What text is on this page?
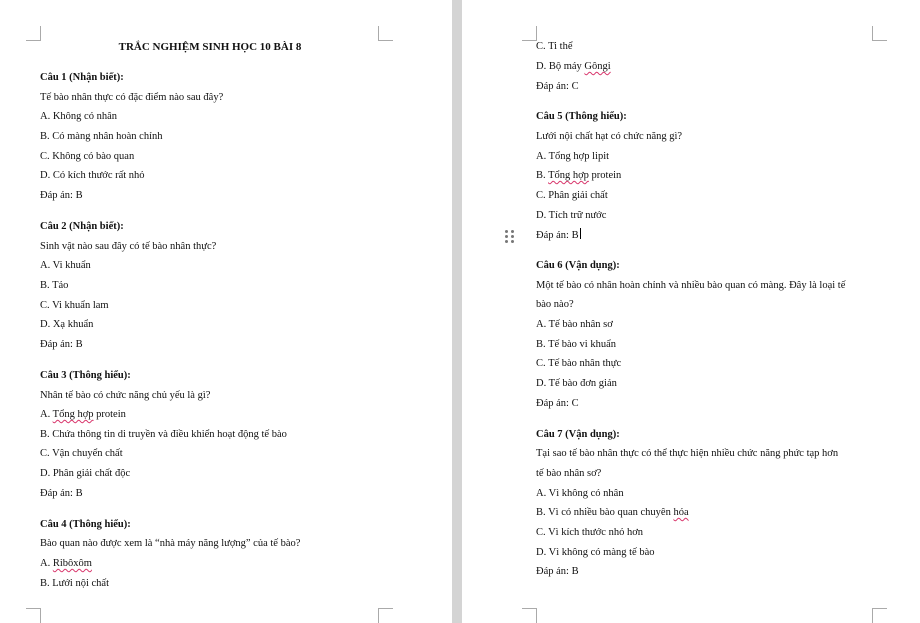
TRẮC NGHIỆM SINH HỌC 10 BÀI 8
Câu 1 (Nhận biết):
Tế bào nhân thực có đặc điểm nào sau đây?
A. Không có nhân
B. Có màng nhân hoàn chỉnh
C. Không có bào quan
D. Có kích thước rất nhỏ
Đáp án: B
Câu 2 (Nhận biết):
Sinh vật nào sau đây có tế bào nhân thực?
A. Vi khuẩn
B. Tảo
C. Vi khuẩn lam
D. Xạ khuẩn
Đáp án: B
Câu 3 (Thông hiểu):
Nhân tế bào có chức năng chủ yếu là gì?
A. Tổng hợp protein
B. Chứa thông tin di truyền và điều khiển hoạt động tế bào
C. Vận chuyển chất
D. Phân giải chất độc
Đáp án: B
Câu 4 (Thông hiểu):
Bào quan nào được xem là “nhà máy năng lượng” của tế bào?
A. Ribôxôm
B. Lưới nội chất
C. Ti thể
D. Bộ máy Gôngi
Đáp án: C
Câu 5 (Thông hiểu):
Lưới nội chất hạt có chức năng gì?
A. Tổng hợp lipit
B. Tổng hợp protein
C. Phân giải chất
D. Tích trữ nước
Đáp án: B
Câu 6 (Vận dụng):
Một tế bào có nhân hoàn chỉnh và nhiều bào quan có màng. Đây là loại tế
bào nào?
A. Tế bào nhân sơ
B. Tế bào vi khuẩn
C. Tế bào nhân thực
D. Tế bào đơn giản
Đáp án: C
Câu 7 (Vận dụng):
Tại sao tế bào nhân thực có thể thực hiện nhiều chức năng phức tạp hơn
tế bào nhân sơ?
A. Vì không có nhân
B. Vì có nhiều bào quan chuyên hóa
C. Vì kích thước nhỏ hơn
D. Vì không có màng tế bào
Đáp án: B
